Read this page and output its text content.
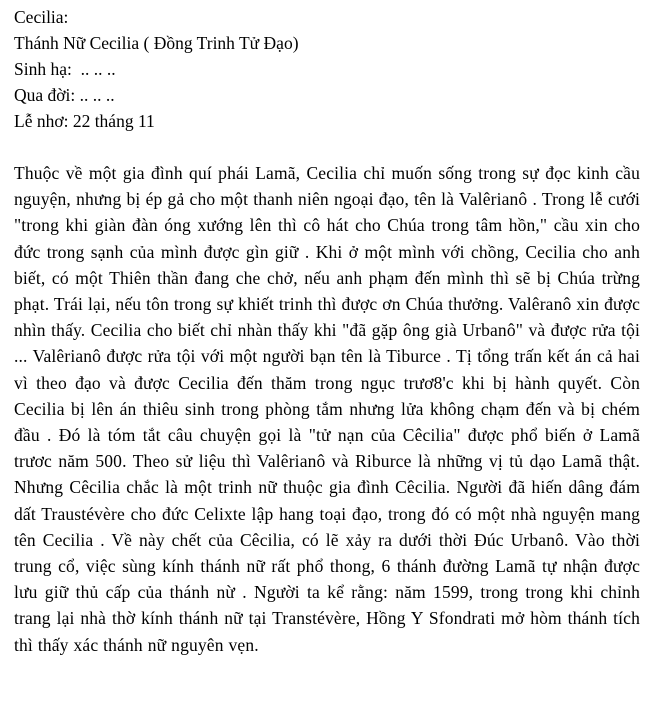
Cecilia:

Thánh Nữ Cecilia ( Đồng Trinh Tử Đạo)

Sinh hạ:  .. .. ..

Qua đời: .. .. ..

Lễ nhơ: 22 tháng 11

Thuộc về một gia đình quí phái Lamã, Cecilia chỉ muốn sống trong sự đọc kinh cầu nguyện, nhưng bị ép gả cho một thanh niên ngoại đạo, tên là Valêrianô . Trong lễ cưới "trong khi giàn đàn óng xướng lên thì cô hát cho Chúa trong tâm hồn," cầu xin cho đức trong sạnh của mình được gìn giữ . Khi ở một mình với chồng, Cecilia cho anh biết, có một Thiên thần đang che chở, nếu anh phạm đến mình thì sẽ bị Chúa trừng phạt. Trái lại, nếu tôn trong sự khiết trinh thì được ơn Chúa thưởng. Valêranô xin được nhìn thấy. Cecilia cho biết chỉ nhàn thấy khi "đã gặp ông già Urbanô" và được rửa tội ... Valêrianô được rửa tội với một người bạn tên là Tiburce . Tị tổng trấn kết án cả hai vì theo đạo và được Cecilia đến thăm trong ngục trươ8'c khi bị hành quyết. Còn Cecilia bị lên án thiêu sinh trong phòng tắm nhưng lửa không chạm đến và bị chém đầu . Đó là tóm tắt câu chuyện gọi là "tử nạn của Cêcilia" được phổ biến ở Lamã trươc năm 500. Theo sử liệu thì Valêrianô và Riburce là những vị tủ dạo Lamã thật. Nhưng Cêcilia chắc là một trinh nữ thuộc gia đình Cêcilia. Người đã hiến dâng đám dất Traustévère cho đức Celixte lập hang toại đạo, trong đó có một nhà nguyện mang tên Cecilia . Về này chết của Cêcilia, có lẽ xảy ra dưới thời Đúc Urbanô. Vào thời trung cổ, việc sùng kính thánh nữ rất phổ thong, 6 thánh đường Lamã tự nhận được lưu giữ thủ cấp của thánh nừ . Người ta kể rằng: năm 1599, trong trong khi chỉnh trang lại nhà thờ kính thánh nữ tại Transtévère, Hồng Y Sfondrati mở hòm thánh tích thì thấy xác thánh nữ nguyên vẹn.
